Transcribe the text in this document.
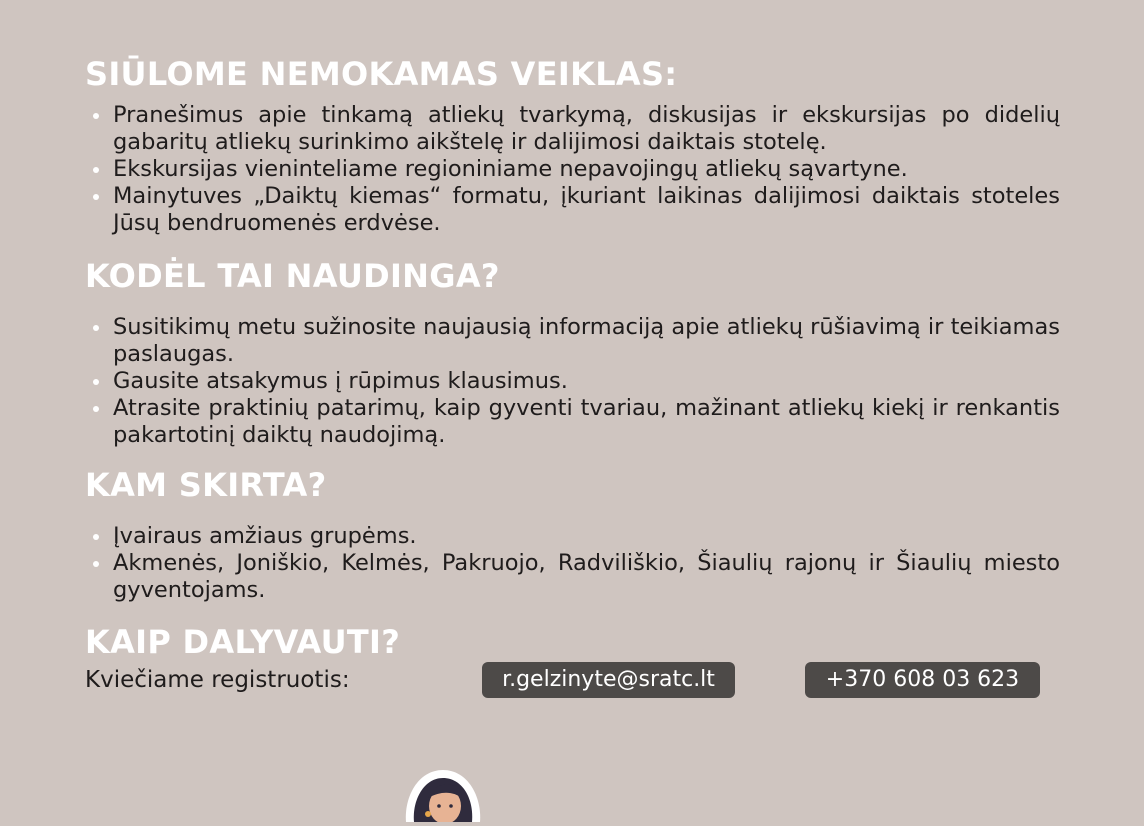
SIŪLOME NEMOKAMAS VEIKLAS:
Pranešimus apie tinkamą atliekų tvarkymą, diskusijas ir ekskursijas po didelių gabaritų atliekų surinkimo aikštelę ir dalijimosi daiktais stotelę.
Ekskursijas vieninteliame regioniniame nepavojingų atliekų sąvartyne.
Mainytuves „Daiktų kiemas“ formatu, įkuriant laikinas dalijimosi daiktais stoteles Jūsų bendruomenės erdvėse.
KODĖL TAI NAUDINGA?
Susitikimų metu sužinosite naujausią informaciją apie atliekų rūšiavimą ir teikiamas paslaugas.
Gausite atsakymus į rūpimus klausimus.
Atrasite praktinių patarimų, kaip gyventi tvariau, mažinant atliekų kiekį ir renkantis pakartotinį daiktų naudojimą.
KAM SKIRTA?
Įvairaus amžiaus grupėms.
Akmenės, Joniškio, Kelmės, Pakruojo, Radviliškio, Šiaulių rajonų ir Šiaulių miesto gyventojams.
KAIP DALYVAUTI?
Kviečiame registruotis:	r.gelzinyte@sratc.lt	+370 608 03 623
